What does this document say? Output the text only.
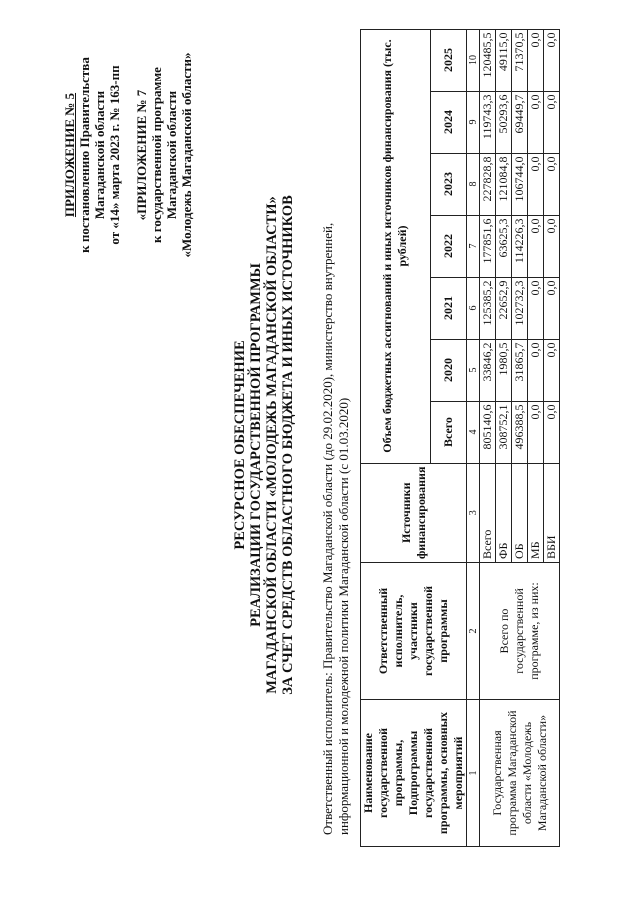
ПРИЛОЖЕНИЕ № 5 к постановлению Правительства Магаданской области от «14» марта 2023 г. № 163-пп «ПРИЛОЖЕНИЕ № 7 к государственной программе Магаданской области «Молодежь Магаданской области»
РЕСУРСНОЕ ОБЕСПЕЧЕНИЕ РЕАЛИЗАЦИИ ГОСУДАРСТВЕННОЙ ПРОГРАММЫ МАГАДАНСКОЙ ОБЛАСТИ «МОЛОДЕЖЬ МАГАДАНСКОЙ ОБЛАСТИ» ЗА СЧЕТ СРЕДСТВ ОБЛАСТНОГО БЮДЖЕТА И ИНЫХ ИСТОЧНИКОВ Ответственный исполнитель: Правительство Магаданской области (до 29.02.2020), министерство внутренней, информационной и молодежной политики Магаданской области (с 01.03.2020) Наименование государственной программы, Подпрограммы государственной программы, основных мероприятий	Ответственный исполнитель, участники государственной программы	Источники финансирования	Объем бюджетных ассигнований и иных источников финансирования (тыс. рублей)						
			Всего	2020	2021	2022	2023	2024	2025
1	2	3	4	5	6	7	8	9	10
Государственная программа Магаданской области «Молодежь Магаданской области»	Всего по государственной программе, из них:	Всего	805140,6	33846,2	125385,2	177851,6	227828,8	119743,3	120485,5
		ФБ	308752,1	1980,5	22652,9	63625,3	121084,8	50293,6	49115,0
		ОБ	496388,5	31865,7	102732,3	114226,3	106744,0	69449,7	71370,5
		МБ	0,0	0,0	0,0	0,0	0,0	0,0	0,0
		ВБИ	0,0	0,0	0,0	0,0	0,0	0,0	0,0
